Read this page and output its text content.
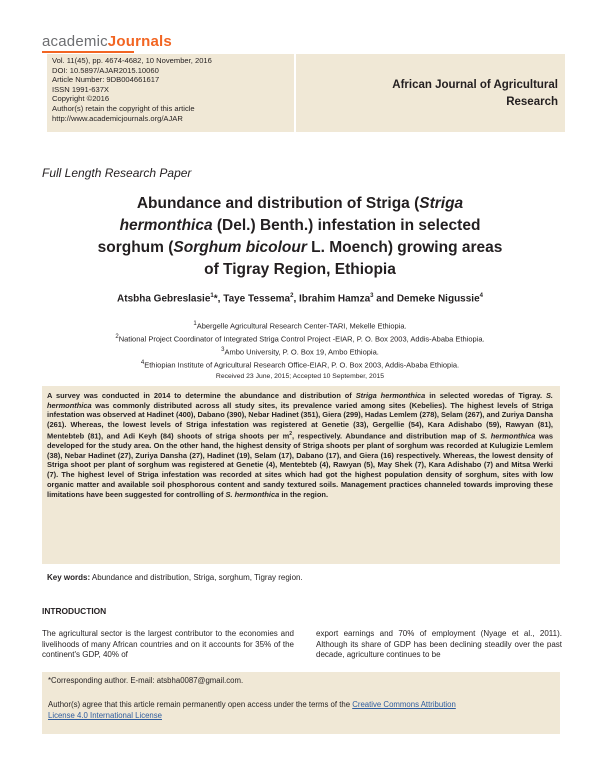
academicJournals
Vol. 11(45), pp. 4674-4682, 10 November, 2016
DOI: 10.5897/AJAR2015.10060
Article Number: 9DB004661617
ISSN 1991-637X
Copyright ©2016
Author(s) retain the copyright of this article
http://www.academicjournals.org/AJAR
African Journal of Agricultural
Research
Full Length Research Paper
Abundance and distribution of Striga (Striga
hermonthica (Del.) Benth.) infestation in selected
sorghum (Sorghum bicolour L. Moench) growing areas
of Tigray Region, Ethiopia
Atsbha Gebreslasie$^1$*, Taye Tessema$^2$, Ibrahim Hamza$^3$ and Demeke Nigussie$^4$
$^1$Abergelle Agricultural Research Center-TARI, Mekelle Ethiopia.
$^2$National Project Coordinator of Integrated Striga Control Project -EIAR, P. O. Box 2003, Addis-Ababa Ethiopia.
$^3$Ambo University, P. O. Box 19, Ambo Ethiopia.
$^4$Ethiopian Institute of Agricultural Research Office-EIAR, P. O. Box 2003, Addis-Ababa Ethiopia.
Received 23 June, 2015; Accepted 10 September, 2015
A survey was conducted in 2014 to determine the abundance and distribution of Striga hermonthica in selected woredas of Tigray. S. hermonthica was commonly distributed across all study sites, its prevalence varied among sites (Kebelies). The highest levels of Striga infestation was observed at Hadinet (400), Dabano (390), Nebar Hadinet (351), Giera (299), Hadas Lemlem (278), Selam (267), and Zuriya Dansha (261). Whereas, the lowest levels of Striga infestation was registered at Genetie (33), Gergellie (54), Kara Adishabo (59), Rawyan (81), Mentebteb (81), and Adi Keyh (84) shoots of striga shoots per $m^2$, respectively. Abundance and distribution map of S. hermonthica was developed for the study area. On the other hand, the highest density of Striga shoots per plant of sorghum was recorded at Kulugizie Lemlem (38), Nebar Hadinet (27), Zuriya Dansha (27), Hadinet (19), Selam (17), Dabano (17), and Giera (16) respectively. Whereas, the lowest density of Striga shoot per plant of sorghum was registered at Genetie (4), Mentebteb (4), Rawyan (5), May Shek (7), Kara Adishabo (7) and Mitsa Werki (7). The highest level of Striga infestation was recorded at sites which had got the highest population density of sorghum, sites with low organic matter and available soil phosphorous content and sandy textured soils. Management practices channeled towards improving these limitations have been suggested for controlling of S. hermonthica in the region.
Key words: Abundance and distribution, Striga, sorghum, Tigray region.
INTRODUCTION
The agricultural sector is the largest contributor to the economies and livelihoods of many African countries and on it accounts for 35% of the continent's GDP, 40% of
export earnings and 70% of employment (Nyage et al., 2011). Although its share of GDP has been declining steadily over the past decade, agriculture continues to be
*Corresponding author. E-mail: atsbha0087@gmail.com.
Author(s) agree that this article remain permanently open access under the terms of the Creative Commons Attribution
License 4.0 International License
